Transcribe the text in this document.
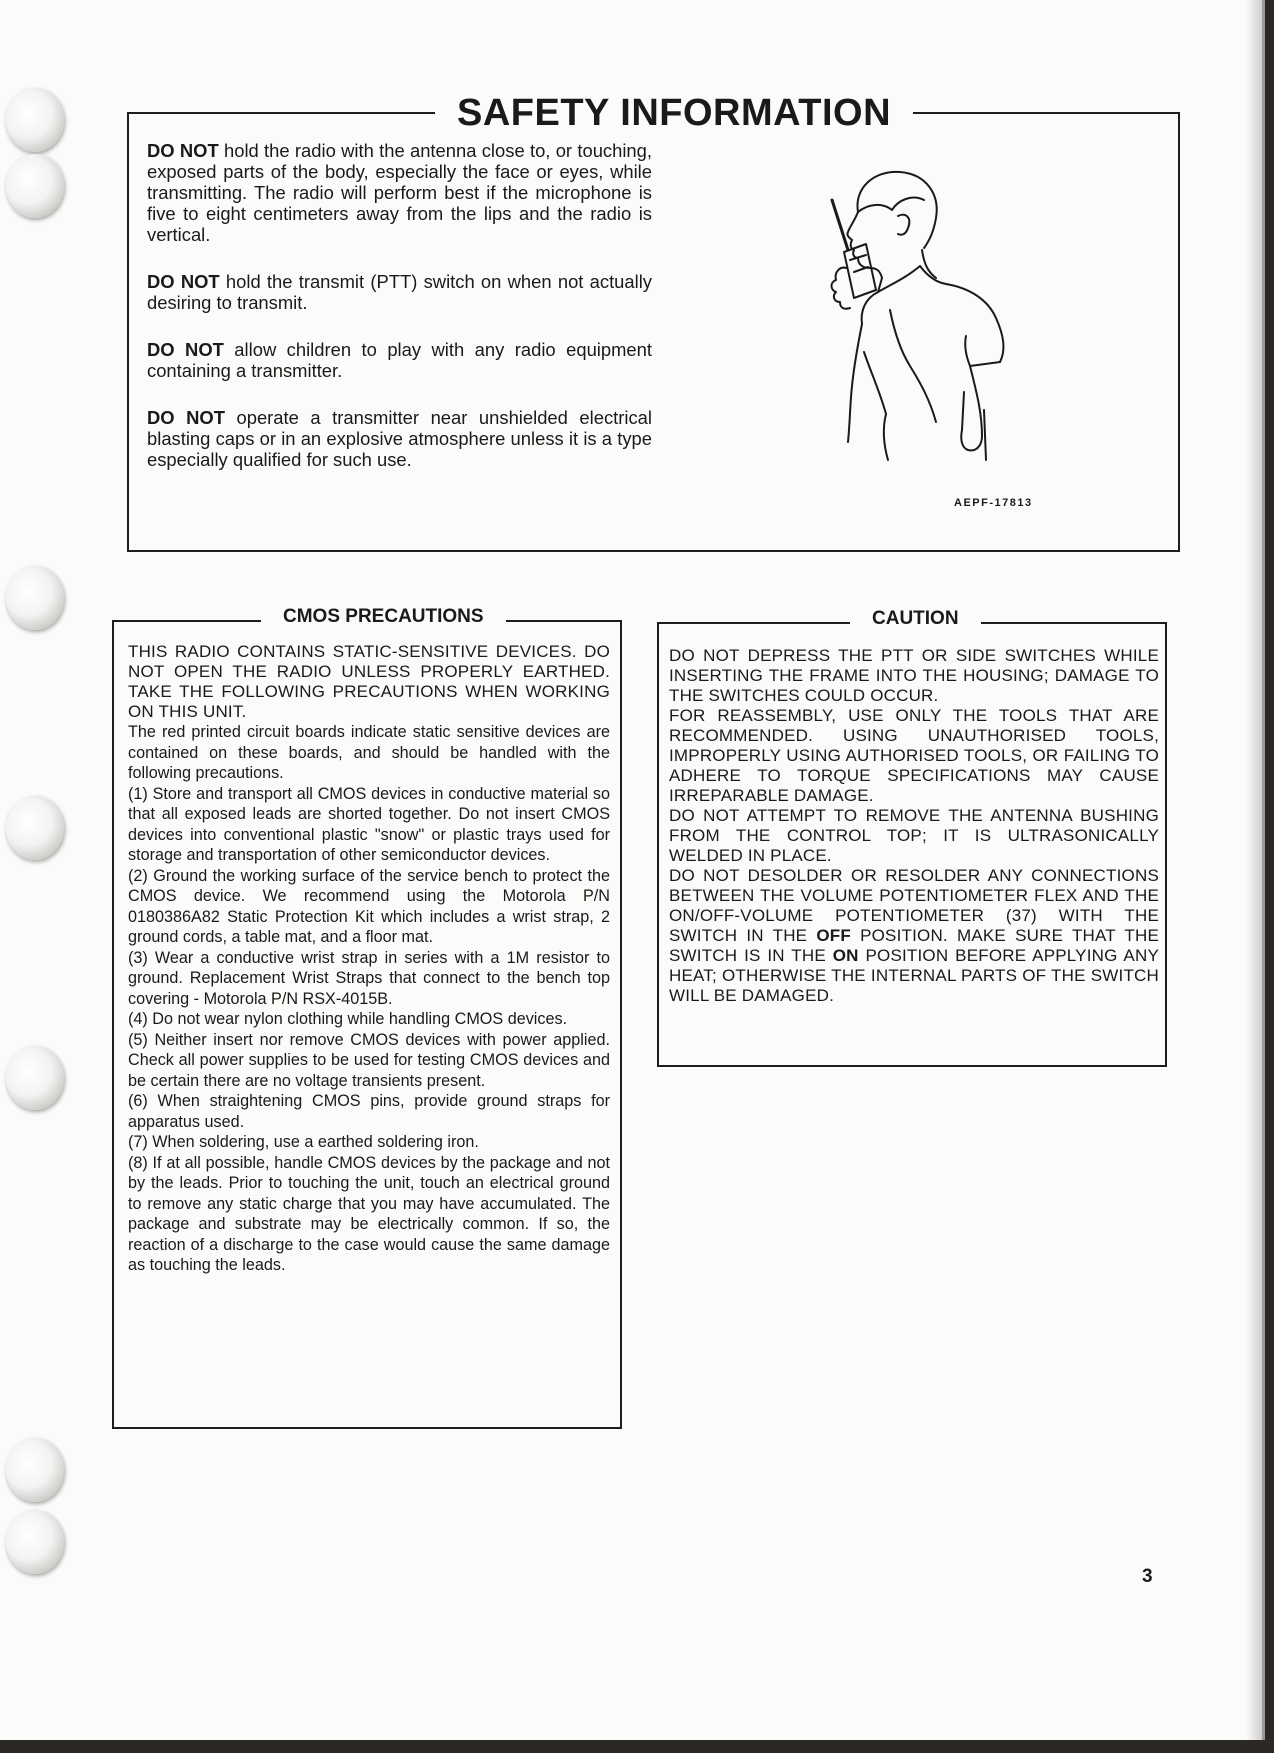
SAFETY INFORMATION

DO NOT hold the radio with the antenna close to, or touching, exposed parts of the body, especially the face or eyes, while transmitting. The radio will perform best if the microphone is five to eight centimeters away from the lips and the radio is vertical.

DO NOT hold the transmit (PTT) switch on when not actually desiring to transmit.

DO NOT allow children to play with any radio equipment containing a transmitter.

DO NOT operate a transmitter near unshielded electrical blasting caps or in an explosive atmosphere unless it is a type especially qualified for such use.

AEPF-17813
CMOS PRECAUTIONS

THIS RADIO CONTAINS STATIC-SENSITIVE DEVICES. DO NOT OPEN THE RADIO UNLESS PROPERLY EARTHED. TAKE THE FOLLOWING PRECAUTIONS WHEN WORKING ON THIS UNIT.

The red printed circuit boards indicate static sensitive devices are contained on these boards, and should be handled with the following precautions.

(1) Store and transport all CMOS devices in conductive material so that all exposed leads are shorted together. Do not insert CMOS devices into conventional plastic "snow" or plastic trays used for storage and transportation of other semiconductor devices.

(2) Ground the working surface of the service bench to protect the CMOS device. We recommend using the Motorola P/N 0180386A82 Static Protection Kit which includes a wrist strap, 2 ground cords, a table mat, and a floor mat.

(3) Wear a conductive wrist strap in series with a 1M resistor to ground. Replacement Wrist Straps that connect to the bench top covering - Motorola P/N RSX-4015B.

(4) Do not wear nylon clothing while handling CMOS devices.

(5) Neither insert nor remove CMOS devices with power applied. Check all power supplies to be used for testing CMOS devices and be certain there are no voltage transients present.

(6) When straightening CMOS pins, provide ground straps for apparatus used.

(7) When soldering, use a earthed soldering iron.

(8) If at all possible, handle CMOS devices by the package and not by the leads. Prior to touching the unit, touch an electrical ground to remove any static charge that you may have accumulated. The package and substrate may be electrically common. If so, the reaction of a discharge to the case would cause the same damage as touching the leads.

CAUTION

DO NOT DEPRESS THE PTT OR SIDE SWITCHES WHILE INSERTING THE FRAME INTO THE HOUSING; DAMAGE TO THE SWITCHES COULD OCCUR.

FOR REASSEMBLY, USE ONLY THE TOOLS THAT ARE RECOMMENDED. USING UNAUTHORISED TOOLS, IMPROPERLY USING AUTHORISED TOOLS, OR FAILING TO ADHERE TO TORQUE SPECIFICATIONS MAY CAUSE IRREPARABLE DAMAGE.

DO NOT ATTEMPT TO REMOVE THE ANTENNA BUSHING FROM THE CONTROL TOP; IT IS ULTRASONICALLY WELDED IN PLACE.

DO NOT DESOLDER OR RESOLDER ANY CONNECTIONS BETWEEN THE VOLUME POTENTIOMETER FLEX AND THE ON/OFF-VOLUME POTENTIOMETER (37) WITH THE SWITCH IN THE OFF POSITION. MAKE SURE THAT THE SWITCH IS IN THE ON POSITION BEFORE APPLYING ANY HEAT; OTHERWISE THE INTERNAL PARTS OF THE SWITCH WILL BE DAMAGED.

3
